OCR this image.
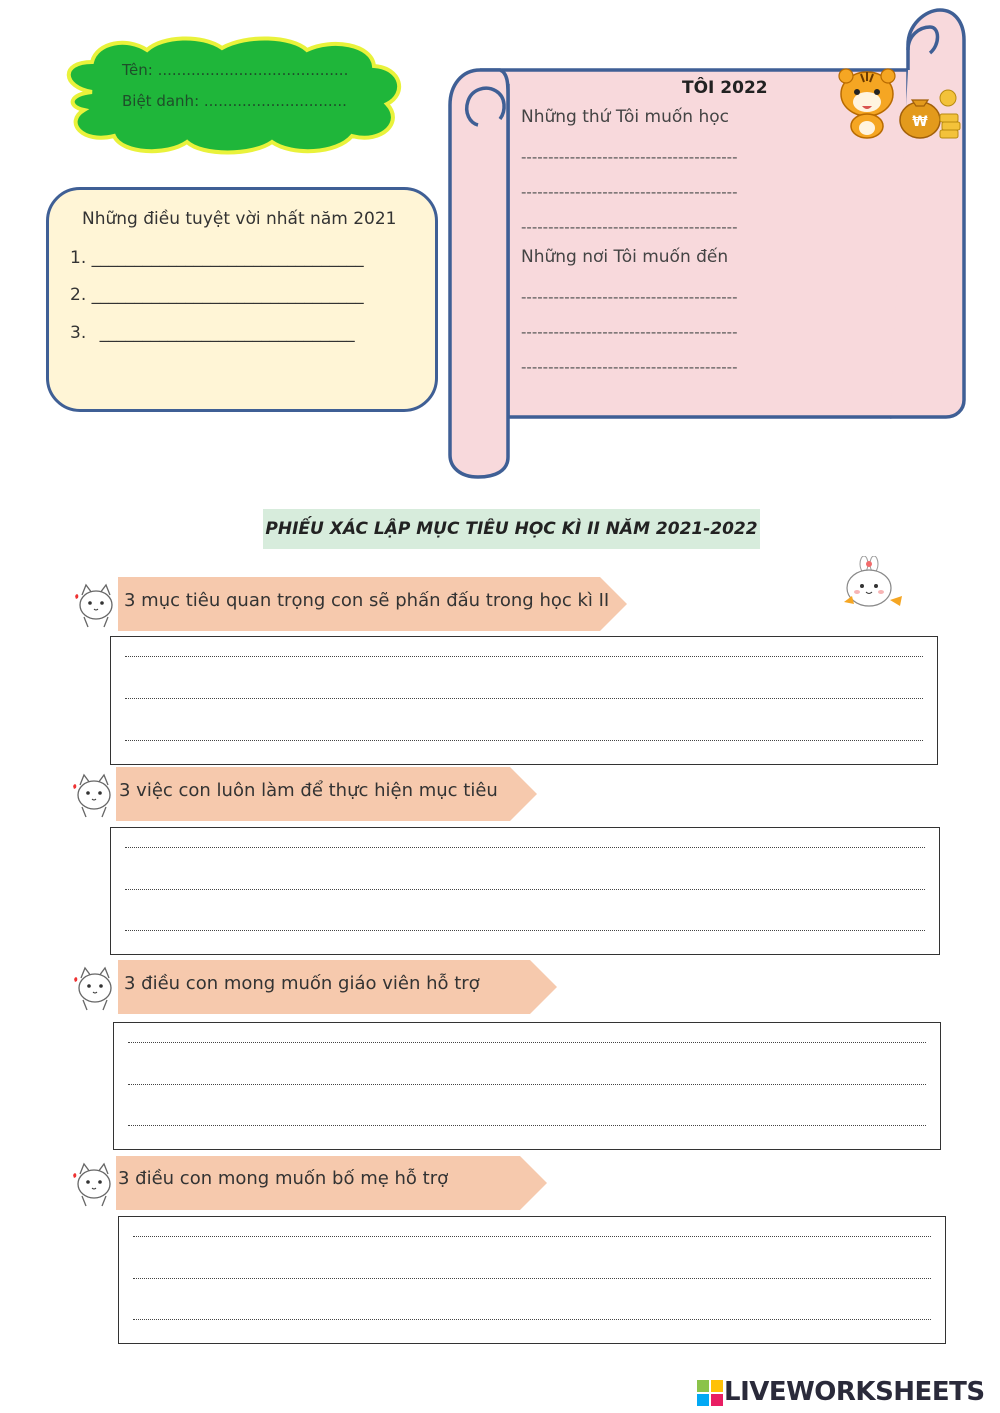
Tên: ........................................
Biệt danh: ..............................
Những điều tuyệt vời nhất năm 2021
1. ________________________________
2. ________________________________
3. ______________________________
₩
TÔI 2022
Những thứ Tôi muốn học
----------------------------------------
----------------------------------------
----------------------------------------
Những nơi Tôi muốn đến
----------------------------------------
----------------------------------------
----------------------------------------
PHIẾU XÁC LẬP MỤC TIÊU HỌC KÌ II NĂM 2021-2022
3 mục tiêu quan trọng con sẽ phấn đấu trong học kì II
3 việc con luôn làm để thực hiện mục tiêu
3 điều con mong muốn giáo viên hỗ trợ
3 điều con mong muốn bố mẹ hỗ trợ
LIVEWORKSHEETS
